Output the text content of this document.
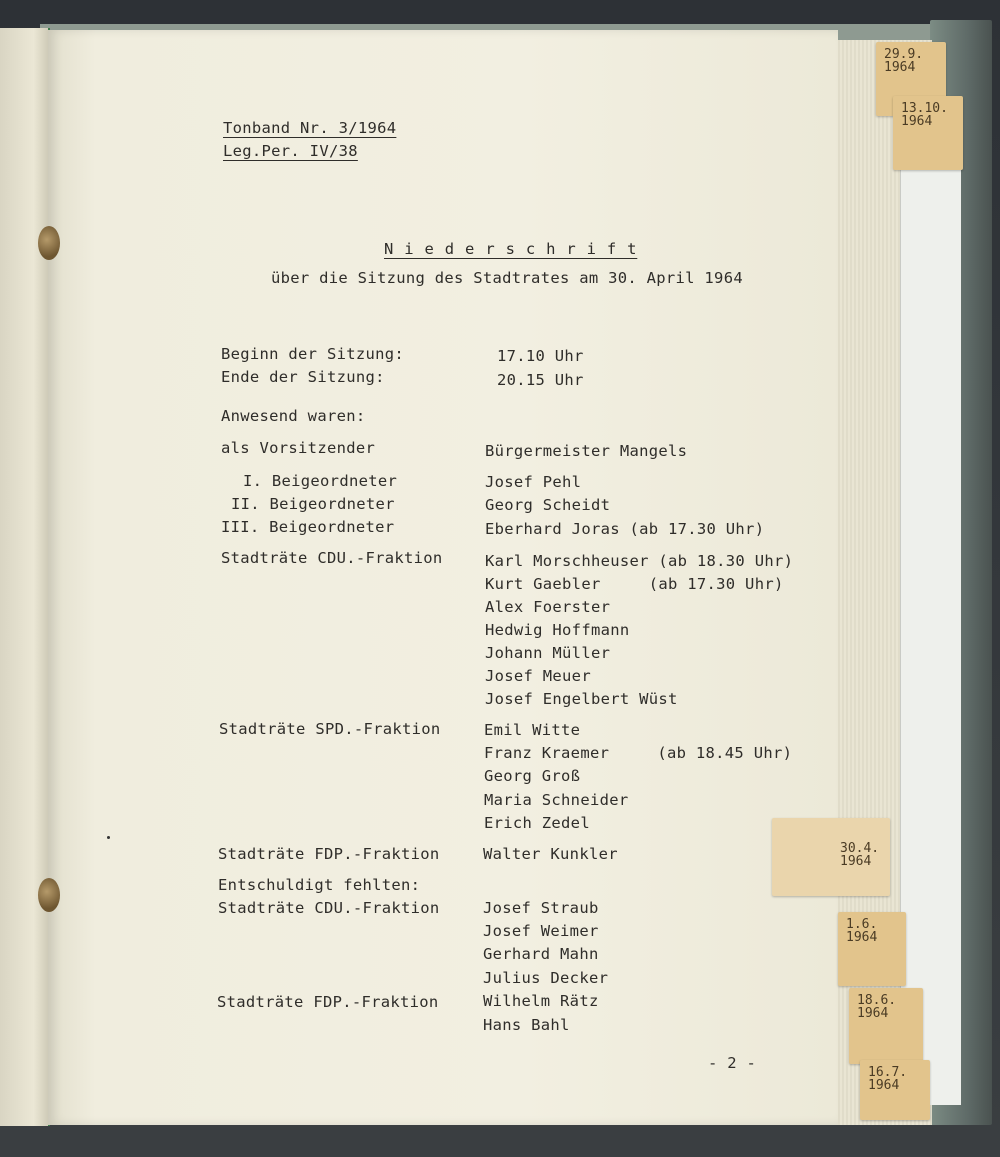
Tonband Nr. 3/1964
Leg.Per. IV/38
N i e d e r s c h r i f t
über die Sitzung des Stadtrates am 30. April 1964
Beginn der Sitzung:	17.10 Uhr
Ende der Sitzung:	20.15 Uhr
Anwesend waren:
als Vorsitzender	Bürgermeister Mangels
I. Beigeordneter	Josef Pehl
II. Beigeordneter	Georg Scheidt
III. Beigeordneter	Eberhard Joras (ab 17.30 Uhr)
Stadträte CDU.-Fraktion	Karl Morschheuser (ab 18.30 Uhr)
Kurt Gaebler     (ab 17.30 Uhr)
Alex Foerster
Hedwig Hoffmann
Johann Müller
Josef Meuer
Josef Engelbert Wüst
Stadträte SPD.-Fraktion	Emil Witte
Franz Kraemer     (ab 18.45 Uhr)
Georg Groß
Maria Schneider
Erich Zedel
Stadträte FDP.-Fraktion	Walter Kunkler
Entschuldigt fehlten:
Stadträte CDU.-Fraktion	Josef Straub
Josef Weimer
Gerhard Mahn
Julius Decker
Stadträte FDP.-Fraktion	Wilhelm Rätz
Hans Bahl
- 2 -
29.9.
1964
13.10.
1964
30.4.
1964
1.6.
1964
18.6.
1964
16.7.
1964
